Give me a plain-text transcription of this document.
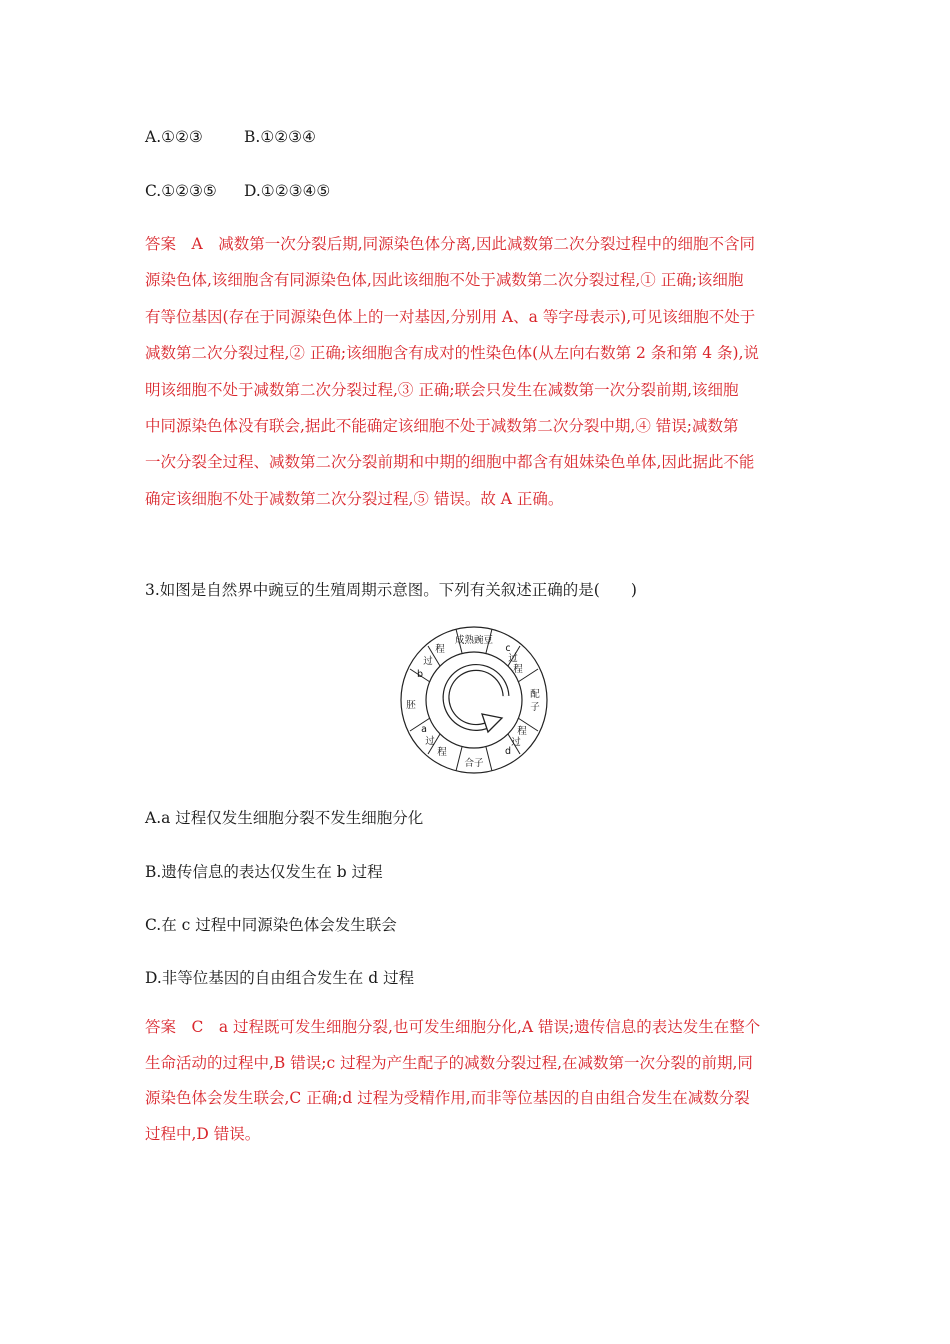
A.①②③	B.①②③④
C.①②③⑤ D.①②③④⑤
答案　A　减数第一次分裂后期,同源染色体分离,因此减数第二次分裂过程中的细胞不含同
源染色体,该细胞含有同源染色体,因此该细胞不处于减数第二次分裂过程,① 正确;该细胞
有等位基因(存在于同源染色体上的一对基因,分别用 A、a 等字母表示),可见该细胞不处于
减数第二次分裂过程,② 正确;该细胞含有成对的性染色体(从左向右数第 2 条和第 4 条),说
明该细胞不处于减数第二次分裂过程,③ 正确;联会只发生在减数第一次分裂前期,该细胞
中同源染色体没有联会,据此不能确定该细胞不处于减数第二次分裂中期,④ 错误;减数第
一次分裂全过程、减数第二次分裂前期和中期的细胞中都含有姐妹染色单体,因此据此不能
确定该细胞不处于减数第二次分裂过程,⑤ 错误。故 A 正确。
3.如图是自然界中豌豆的生殖周期示意图。下列有关叙述正确的是(　　)
成熟豌豆
c
过
程
配
子
程
过
d
合子
a
过
程
胚
b
过
程
A.a 过程仅发生细胞分裂不发生细胞分化
B.遗传信息的表达仅发生在 b 过程
C.在 c 过程中同源染色体会发生联会
D.非等位基因的自由组合发生在 d 过程
答案　C　a 过程既可发生细胞分裂,也可发生细胞分化,A 错误;遗传信息的表达发生在整个
生命活动的过程中,B 错误;c 过程为产生配子的减数分裂过程,在减数第一次分裂的前期,同
源染色体会发生联会,C 正确;d 过程为受精作用,而非等位基因的自由组合发生在减数分裂
过程中,D 错误。
